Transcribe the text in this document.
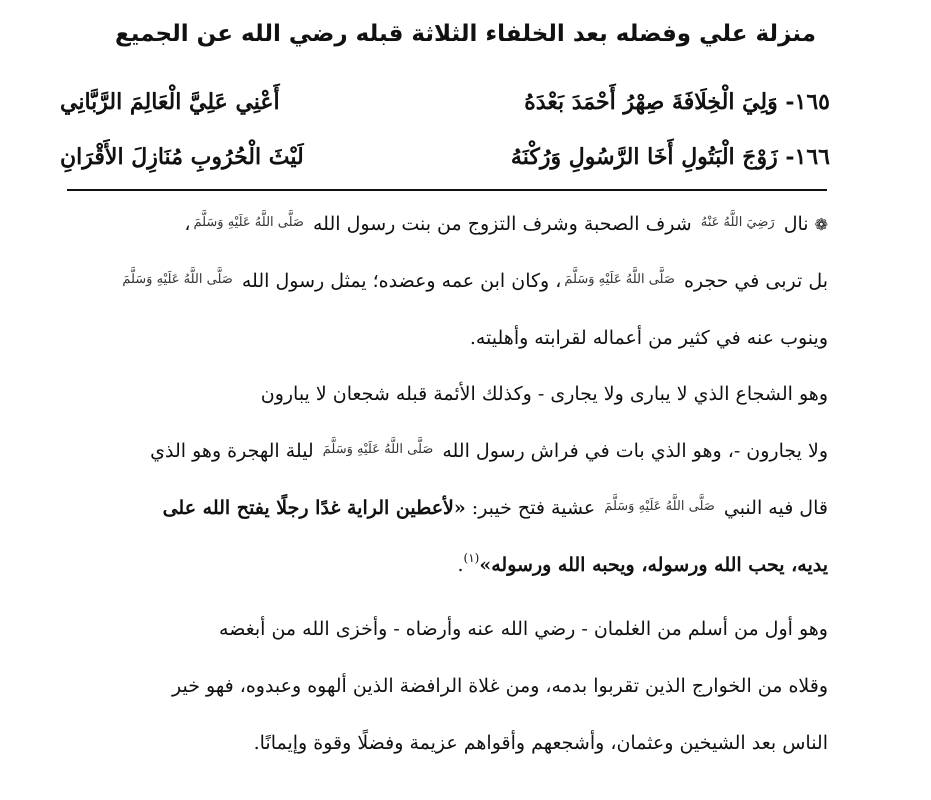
منزلة علي وفضله بعد الخلفاء الثلاثة قبله رضي الله عن الجميع
١٦٥- وَلِيَ الْخِلَافَةَ صِهْرُ أَحْمَدَ بَعْدَهُ
أَعْنِي عَلِيَّ الْعَالِمَ الرَّبَّانِي
١٦٦- زَوْجَ الْبَتُولِ أَخَا الرَّسُولِ وَرُكْنَهُ
لَيْثَ الْحُرُوبِ مُنَازِلَ الأَقْرَانِ
❁نال $^{رَضِيَ اللَّهُ عَنْهُ}$ شرف الصحبة وشرف التزوج من بنت رسول الله $^{صَلَّى اللَّهُ عَلَيْهِ وَسَلَّمَ}$،
بل تربى في حجره $^{صَلَّى اللَّهُ عَلَيْهِ وَسَلَّمَ}$، وكان ابن عمه وعضده؛ يمثل رسول الله $^{صَلَّى اللَّهُ عَلَيْهِ وَسَلَّمَ}$
وينوب عنه في كثير من أعماله لقرابته وأهليته.
وهو الشجاع الذي لا يبارى ولا يجارى - وكذلك الأئمة قبله شجعان لا يبارون
ولا يجارون -، وهو الذي بات في فراش رسول الله $^{صَلَّى اللَّهُ عَلَيْهِ وَسَلَّمَ}$ ليلة الهجرة وهو الذي
قال فيه النبي $^{صَلَّى اللَّهُ عَلَيْهِ وَسَلَّمَ}$ عشية فتح خيبر: «لأعطين الراية غدًا رجلًا يفتح الله على
يديه، يحب الله ورسوله، ويحبه الله ورسوله»$^{(١)}$.
وهو أول من أسلم من الغلمان - رضي الله عنه وأرضاه - وأخزى الله من أبغضه
وقلاه من الخوارج الذين تقربوا بدمه، ومن غلاة الرافضة الذين ألهوه وعبدوه، فهو خير
الناس بعد الشيخين وعثمان، وأشجعهم وأقواهم عزيمة وفضلًا وقوة وإيمانًا.
